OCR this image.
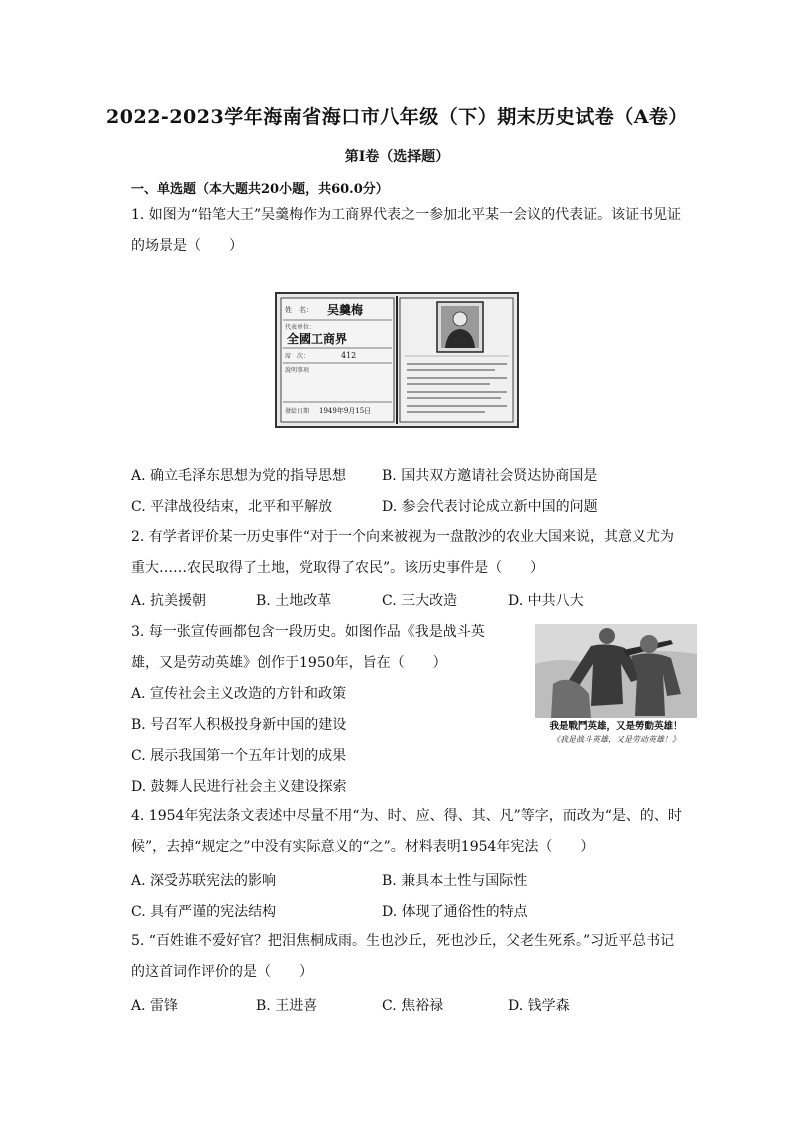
2022-2023学年海南省海口市八年级（下）期末历史试卷（A卷）
第I卷（选择题）
一、单选题（本大题共20小题，共60.0分）
1. 如图为“铅笔大王”吴羹梅作为工商界代表之一参加北平某一会议的代表证。该证书见证的场景是（　　）
姓　名： 吴羹梅
代表单位：
全國工商界
席　次：	412
說明事項
發給日期 1949年9月15日
A. 确立毛泽东思想为党的指导思想	B. 国共双方邀请社会贤达协商国是
C. 平津战役结束，北平和平解放	D. 参会代表讨论成立新中国的问题
2. 有学者评价某一历史事件“对于一个向来被视为一盘散沙的农业大国来说，其意义尤为重大……农民取得了土地，党取得了农民”。该历史事件是（　　）
A. 抗美援朝	B. 土地改革	C. 三大改造	D. 中共八大
3. 每一张宣传画都包含一段历史。如图作品《我是战斗英雄，又是劳动英雄》创作于1950年，旨在（　　）
我是戰鬥英雄，又是勞動英雄！
《我是战斗英雄，又是劳动英雄！》
A. 宣传社会主义改造的方针和政策
B. 号召军人积极投身新中国的建设
C. 展示我国第一个五年计划的成果
D. 鼓舞人民进行社会主义建设探索
4. 1954年宪法条文表述中尽量不用“为、时、应、得、其、凡”等字，而改为“是、的、时候”，去掉“规定之”中没有实际意义的“之”。材料表明1954年宪法（　　）
A. 深受苏联宪法的影响	B. 兼具本土性与国际性
C. 具有严谨的宪法结构	D. 体现了通俗性的特点
5. “百姓谁不爱好官？把泪焦桐成雨。生也沙丘，死也沙丘，父老生死系。”习近平总书记的这首词作评价的是（　　）
A. 雷锋	B. 王进喜	C. 焦裕禄	D. 钱学森
